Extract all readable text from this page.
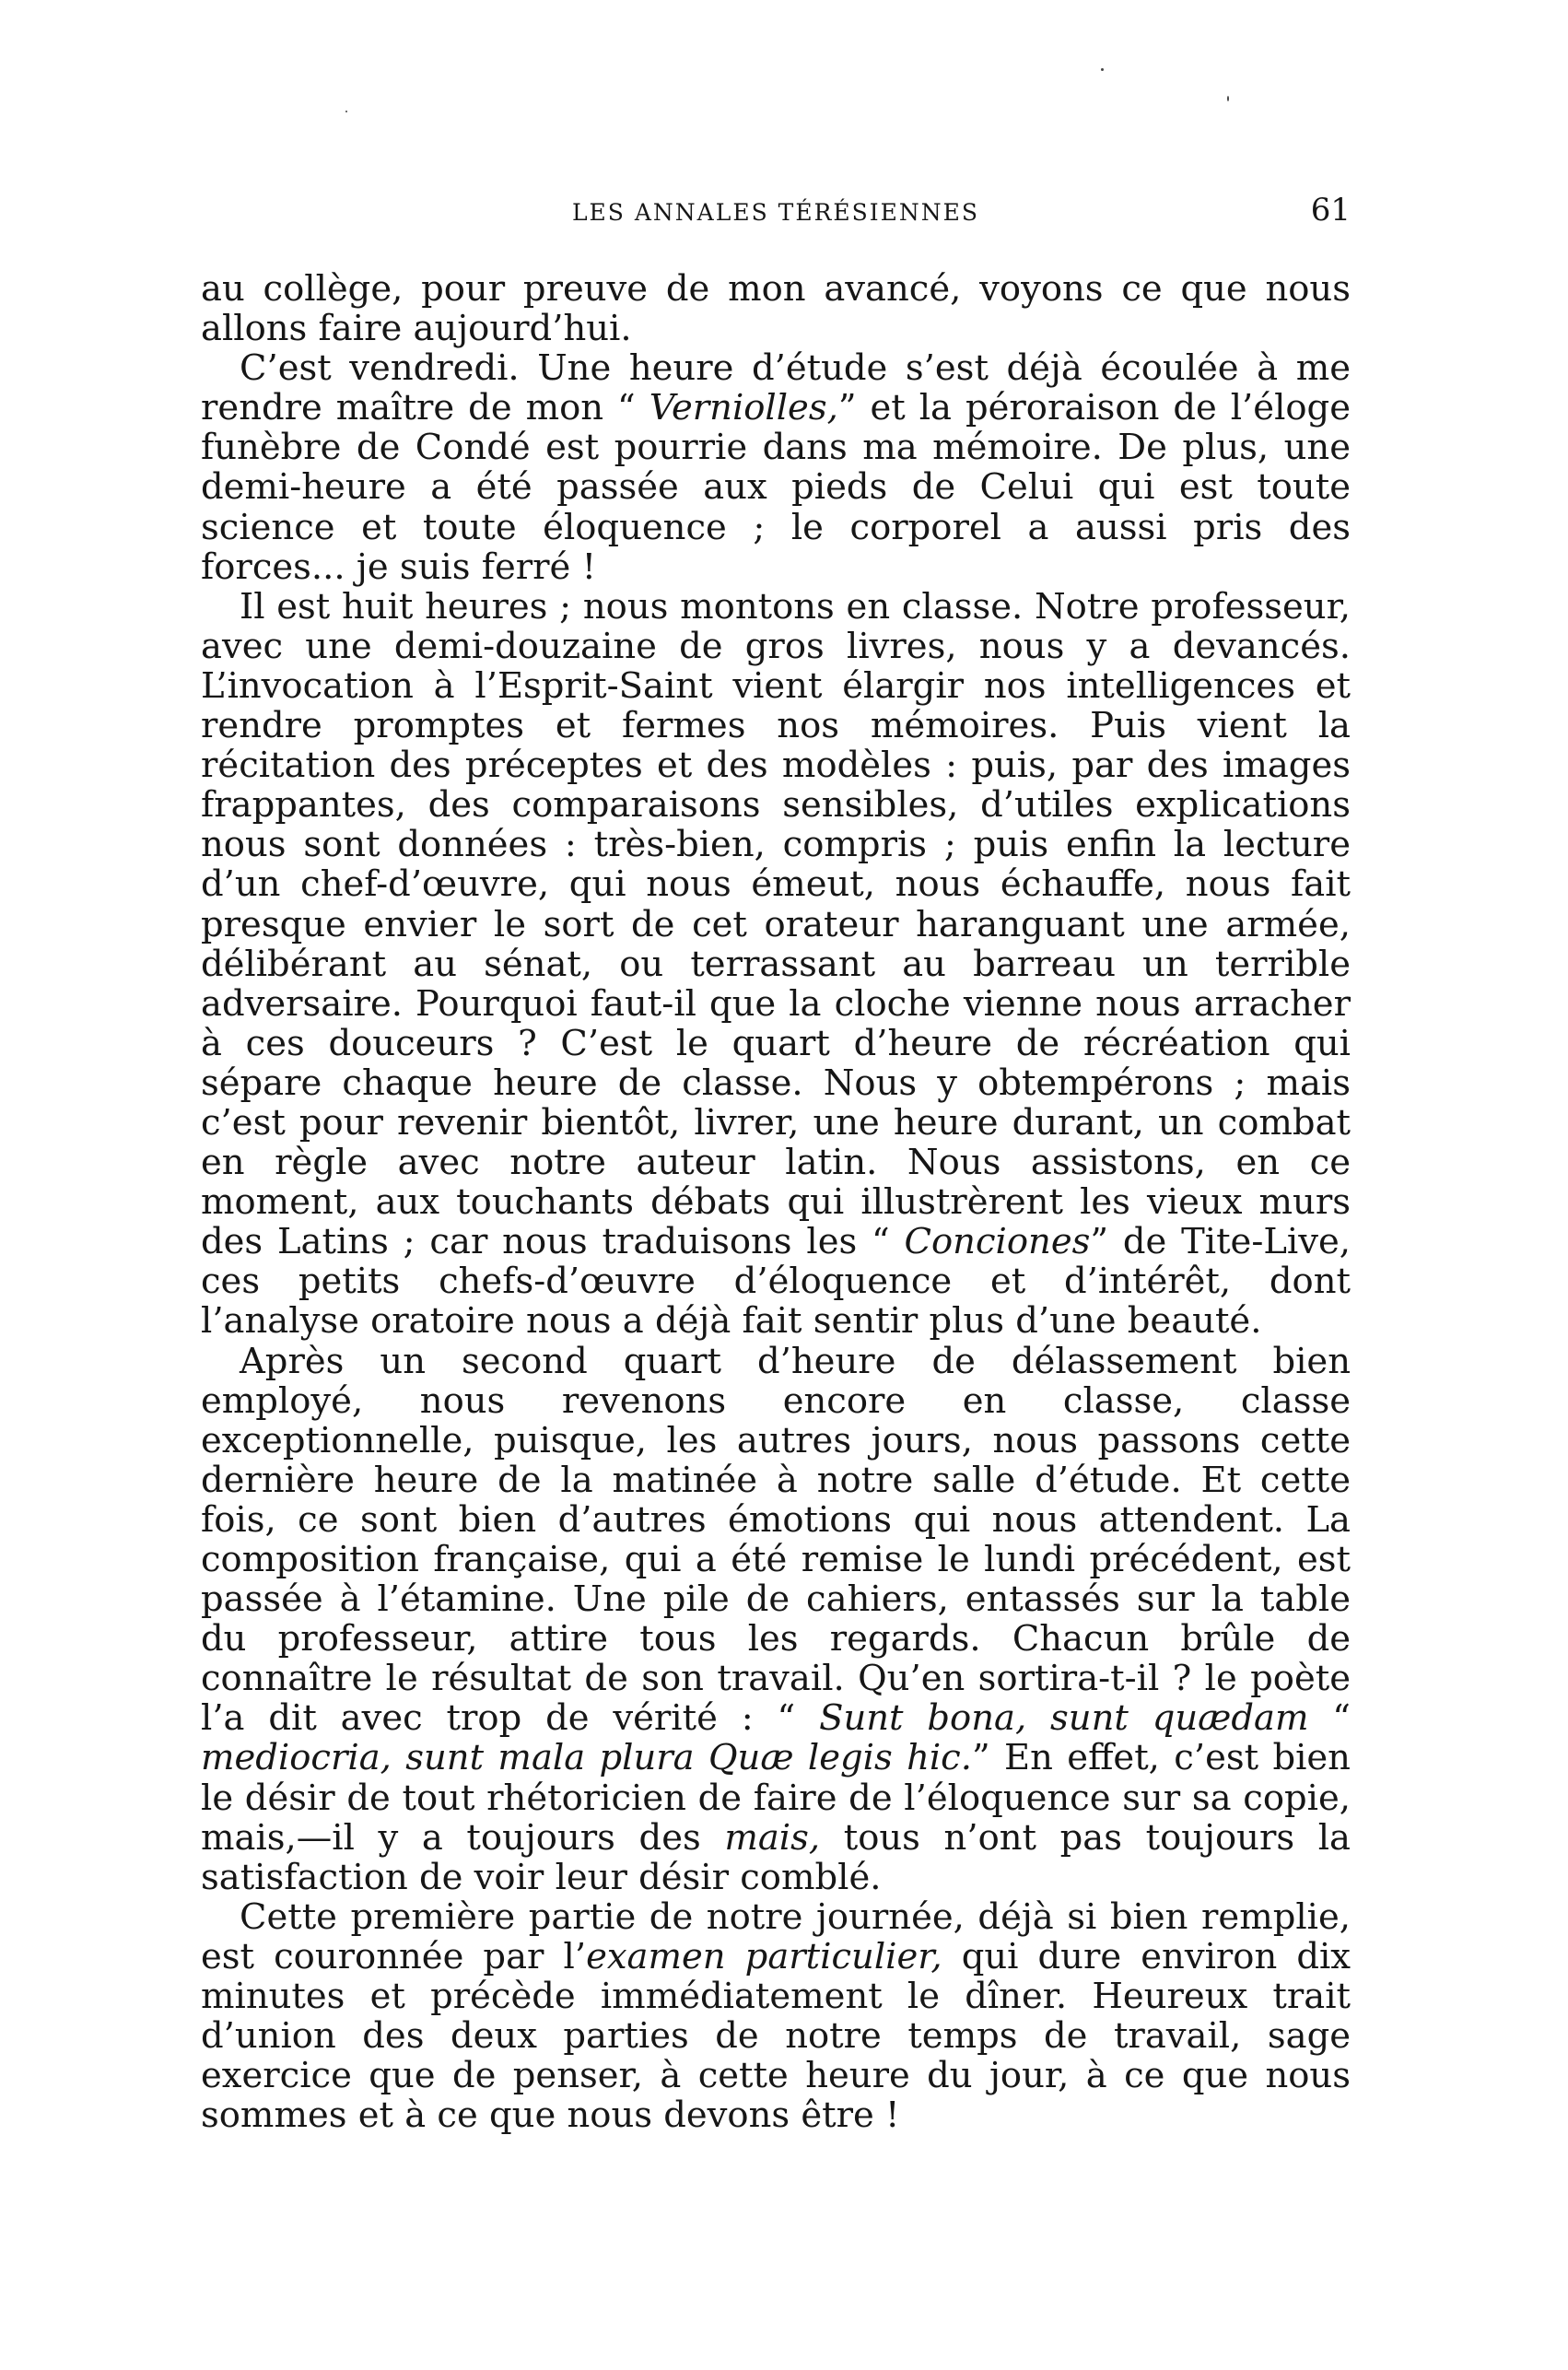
LES ANNALES TÉRÉSIENNES	61

au collège, pour preuve de mon avancé, voyons ce que nous allons faire aujourd’hui.

C’est vendredi. Une heure d’étude s’est déjà écoulée à me rendre maître de mon “ Verniolles,” et la péroraison de l’éloge funèbre de Condé est pourrie dans ma mémoire. De plus, une demi-heure a été passée aux pieds de Celui qui est toute science et toute éloquence ; le corporel a aussi pris des forces... je suis ferré !

Il est huit heures ; nous montons en classe. Notre professeur, avec une demi-douzaine de gros livres, nous y a devancés. L’invocation à l’Esprit-Saint vient élargir nos intelligences et rendre promptes et fermes nos mémoires. Puis vient la récitation des préceptes et des modèles : puis, par des images frappantes, des comparaisons sensibles, d’utiles explications nous sont données : très-bien, compris ; puis enfin la lecture d’un chef-d’œuvre, qui nous émeut, nous échauffe, nous fait presque envier le sort de cet orateur haranguant une armée, délibérant au sénat, ou terrassant au barreau un terrible adversaire. Pourquoi faut-il que la cloche vienne nous arracher à ces douceurs ? C’est le quart d’heure de récréation qui sépare chaque heure de classe. Nous y obtempérons ; mais c’est pour revenir bientôt, livrer, une heure durant, un combat en règle avec notre auteur latin. Nous assistons, en ce moment, aux touchants débats qui illustrèrent les vieux murs des Latins ; car nous traduisons les “ Conciones” de Tite-Live, ces petits chefs-d’œuvre d’éloquence et d’intérêt, dont l’analyse oratoire nous a déjà fait sentir plus d’une beauté.

Après un second quart d’heure de délassement bien employé, nous revenons encore en classe, classe exceptionnelle, puisque, les autres jours, nous passons cette dernière heure de la matinée à notre salle d’étude. Et cette fois, ce sont bien d’autres émotions qui nous attendent. La composition française, qui a été remise le lundi précédent, est passée à l’étamine. Une pile de cahiers, entassés sur la table du professeur, attire tous les regards. Chacun brûle de connaître le résultat de son travail. Qu’en sortira-t-il ? le poète l’a dit avec trop de vérité : “ Sunt bona, sunt quædam “ mediocria, sunt mala plura Quæ legis hic.” En effet, c’est bien le désir de tout rhétoricien de faire de l’éloquence sur sa copie, mais,—il y a toujours des mais, tous n’ont pas toujours la satisfaction de voir leur désir comblé.

Cette première partie de notre journée, déjà si bien remplie, est couronnée par l’examen particulier, qui dure environ dix minutes et précède immédiatement le dîner. Heureux trait d’union des deux parties de notre temps de travail, sage exercice que de penser, à cette heure du jour, à ce que nous sommes et à ce que nous devons être !
